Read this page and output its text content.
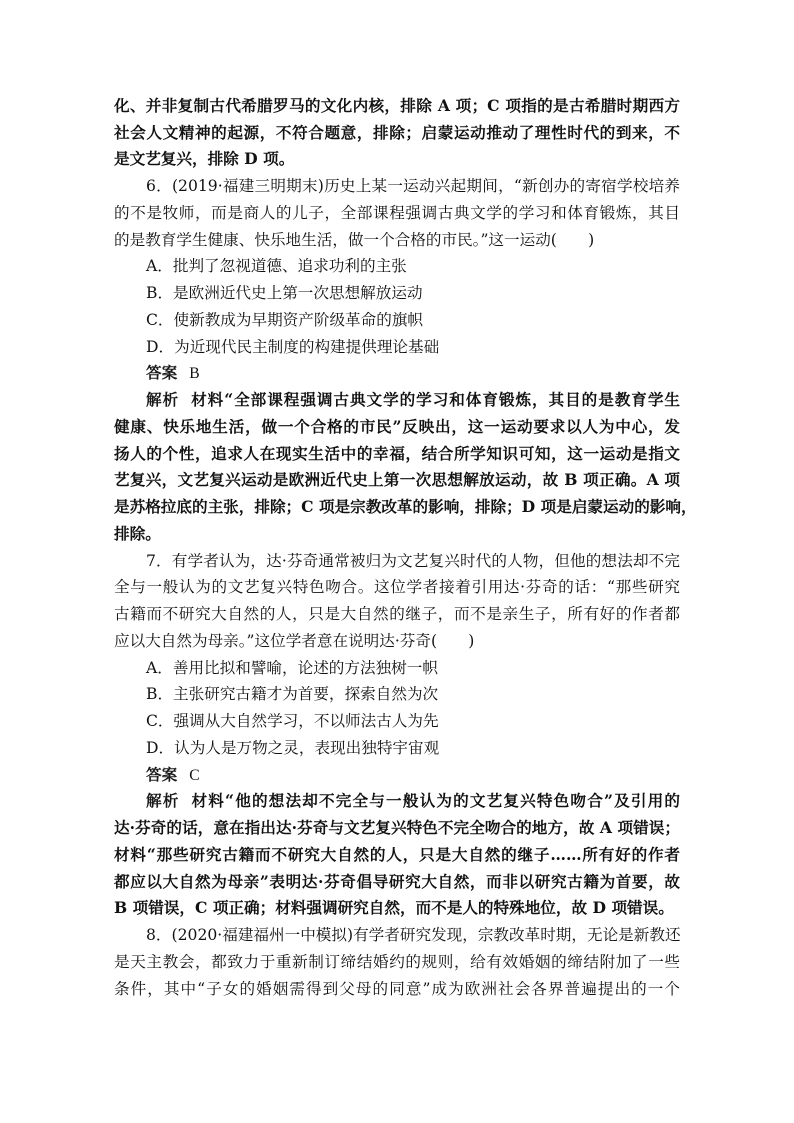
化、并非复制古代希腊罗马的文化内核，排除 A 项；C 项指的是古希腊时期西方
社会人文精神的起源，不符合题意，排除；启蒙运动推动了理性时代的到来，不
是文艺复兴，排除 D 项。
6．(2019·福建三明期末)历史上某一运动兴起期间，“新创办的寄宿学校培养
的不是牧师，而是商人的儿子，全部课程强调古典文学的学习和体育锻炼，其目
的是教育学生健康、快乐地生活，做一个合格的市民。”这一运动(　　)
A．批判了忽视道德、追求功利的主张
B．是欧洲近代史上第一次思想解放运动
C．使新教成为早期资产阶级革命的旗帜
D．为近现代民主制度的构建提供理论基础
答案 B
解析 材料“全部课程强调古典文学的学习和体育锻炼，其目的是教育学生
健康、快乐地生活，做一个合格的市民”反映出，这一运动要求以人为中心，发
扬人的个性，追求人在现实生活中的幸福，结合所学知识可知，这一运动是指文
艺复兴，文艺复兴运动是欧洲近代史上第一次思想解放运动，故 B 项正确。A 项
是苏格拉底的主张，排除；C 项是宗教改革的影响，排除；D 项是启蒙运动的影响，
排除。
7．有学者认为，达·芬奇通常被归为文艺复兴时代的人物，但他的想法却不完
全与一般认为的文艺复兴特色吻合。这位学者接着引用达·芬奇的话：“那些研究
古籍而不研究大自然的人，只是大自然的继子，而不是亲生子，所有好的作者都
应以大自然为母亲。”这位学者意在说明达·芬奇(　　)
A．善用比拟和譬喻，论述的方法独树一帜
B．主张研究古籍才为首要，探索自然为次
C．强调从大自然学习，不以师法古人为先
D．认为人是万物之灵，表现出独特宇宙观
答案 C
解析 材料“他的想法却不完全与一般认为的文艺复兴特色吻合”及引用的
达·芬奇的话，意在指出达·芬奇与文艺复兴特色不完全吻合的地方，故 A 项错误；
材料“那些研究古籍而不研究大自然的人，只是大自然的继子……所有好的作者
都应以大自然为母亲”表明达·芬奇倡导研究大自然，而非以研究古籍为首要，故
B 项错误，C 项正确；材料强调研究自然，而不是人的特殊地位，故 D 项错误。
8．(2020·福建福州一中模拟)有学者研究发现，宗教改革时期，无论是新教还
是天主教会，都致力于重新制订缔结婚约的规则，给有效婚姻的缔结附加了一些
条件，其中“子女的婚姻需得到父母的同意”成为欧洲社会各界普遍提出的一个
